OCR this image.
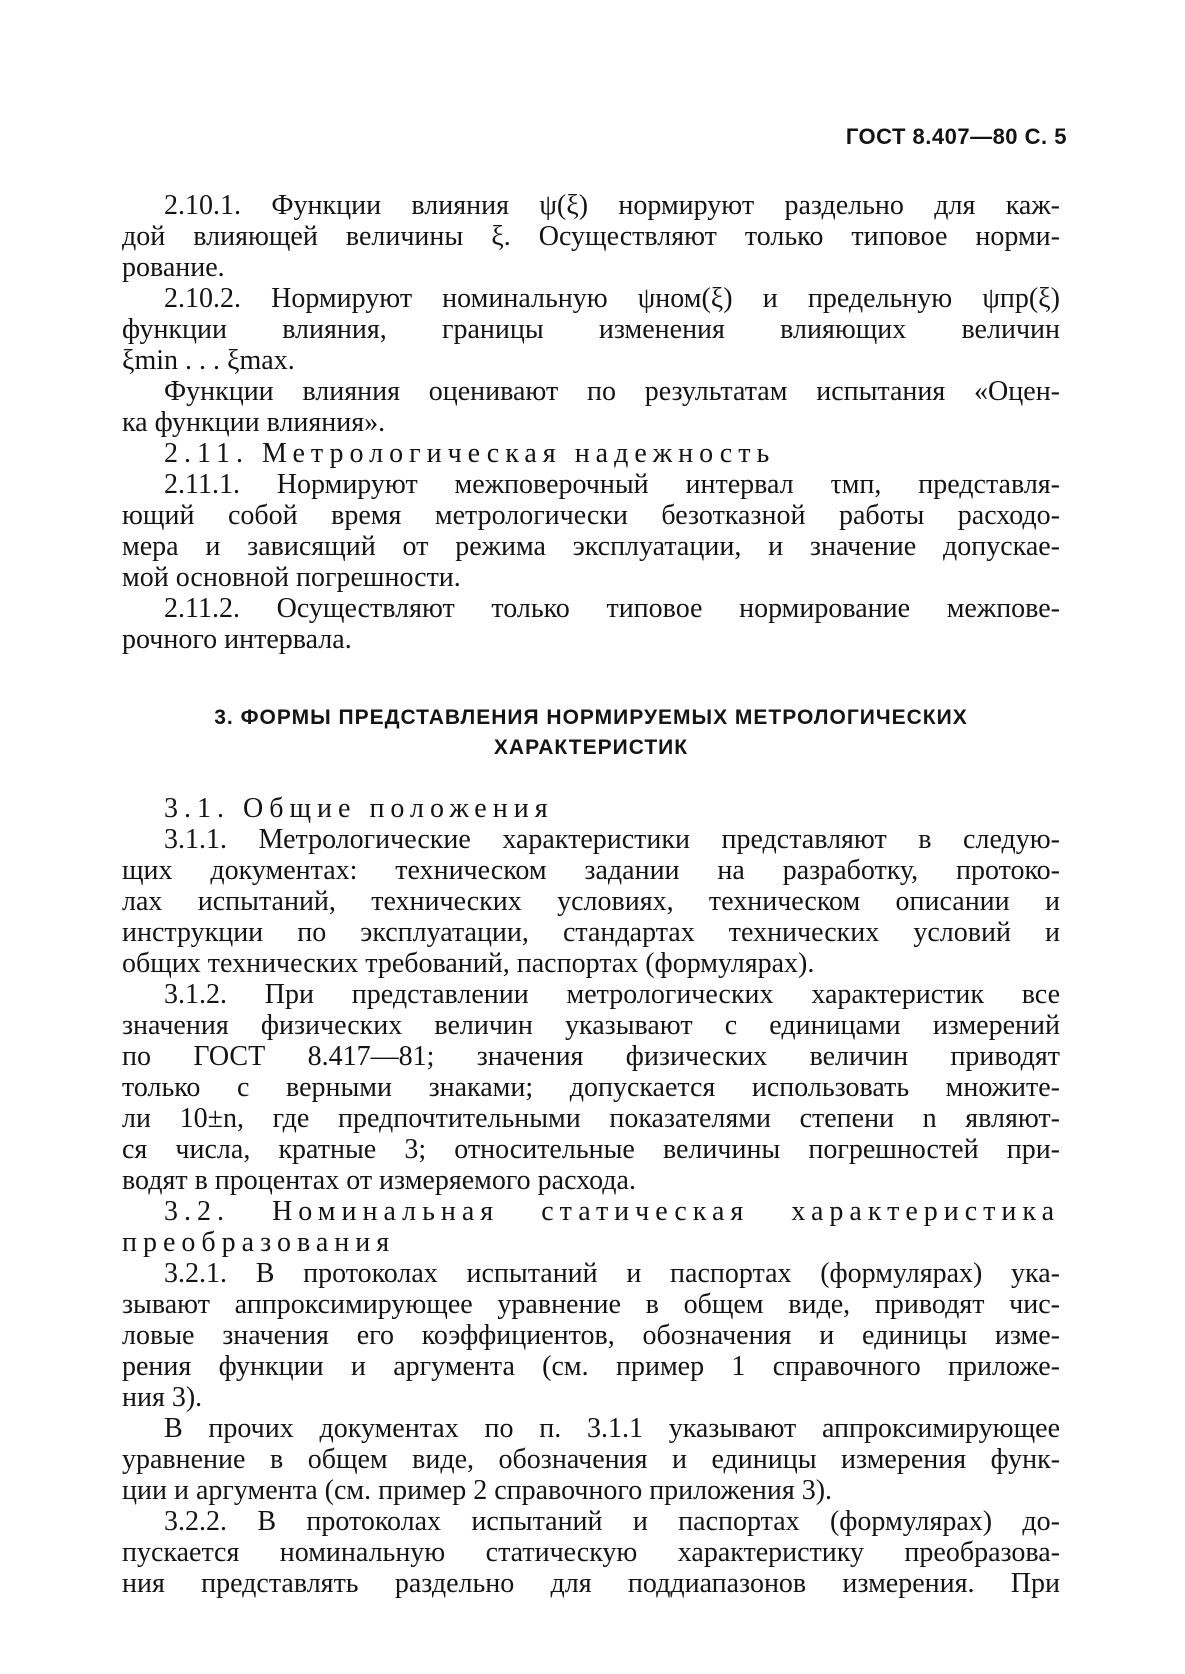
ГОСТ 8.407—80 С. 5
2.10.1. Функции влияния ψ(ξ) нормируют раздельно для каж-
дой влияющей величины ξ. Осуществляют только типовое норми-
рование.
2.10.2. Нормируют номинальную ψном(ξ) и предельную ψпр(ξ)
функции влияния, границы изменения влияющих величин
ξmin . . . ξmax.
Функции влияния оценивают по результатам испытания «Оцен-
ка функции влияния».
2.11. Метрологическая надежность
2.11.1. Нормируют межповерочный интервал τмп, представля-
ющий собой время метрологически безотказной работы расходо-
мера и зависящий от режима эксплуатации, и значение допускае-
мой основной погрешности.
2.11.2. Осуществляют только типовое нормирование межпове-
рочного интервала.
3. ФОРМЫ ПРЕДСТАВЛЕНИЯ НОРМИРУЕМЫХ МЕТРОЛОГИЧЕСКИХ
ХАРАКТЕРИСТИК
3.1. Общие положения
3.1.1. Метрологические характеристики представляют в следую-
щих документах: техническом задании на разработку, протоко-
лах испытаний, технических условиях, техническом описании и
инструкции по эксплуатации, стандартах технических условий и
общих технических требований, паспортах (формулярах).
3.1.2. При представлении метрологических характеристик все
значения физических величин указывают с единицами измерений
по ГОСТ 8.417—81; значения физических величин приводят
только с верными знаками; допускается использовать множите-
ли 10±n, где предпочтительными показателями степени n являют-
ся числа, кратные 3; относительные величины погрешностей при-
водят в процентах от измеряемого расхода.
3.2. Номинальная статическая характеристика
преобразования
3.2.1. В протоколах испытаний и паспортах (формулярах) ука-
зывают аппроксимирующее уравнение в общем виде, приводят чис-
ловые значения его коэффициентов, обозначения и единицы изме-
рения функции и аргумента (см. пример 1 справочного приложе-
ния 3).
В прочих документах по п. 3.1.1 указывают аппроксимирующее
уравнение в общем виде, обозначения и единицы измерения функ-
ции и аргумента (см. пример 2 справочного приложения 3).
3.2.2. В протоколах испытаний и паспортах (формулярах) до-
пускается номинальную статическую характеристику преобразова-
ния представлять раздельно для поддиапазонов измерения. При
